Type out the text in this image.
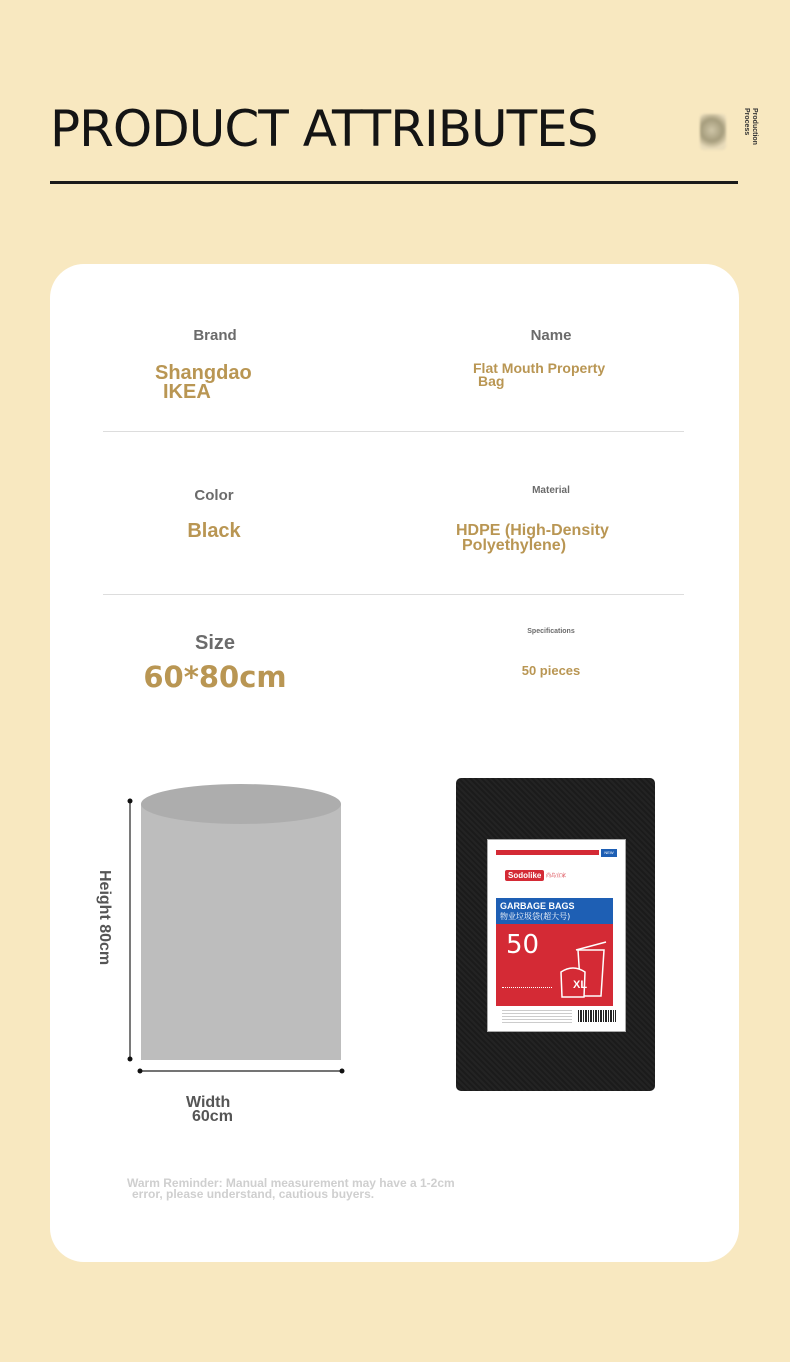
PRODUCT ATTRIBUTES	Production Process
Brand
Shangdao
IKEA
Name
Flat Mouth Property
Bag
Color
Black
Material
HDPE (High-Density
Polyethylene)
Size
60*80cm
Specifications
50 pieces
Height 80cm
Width
60cm
NEW
Sodolike 尚岛宜家
GARBAGE BAGS
物业垃圾袋(超大号)
50
XL
Warm Reminder: Manual measurement may have a 1-2cm
error, please understand, cautious buyers.
